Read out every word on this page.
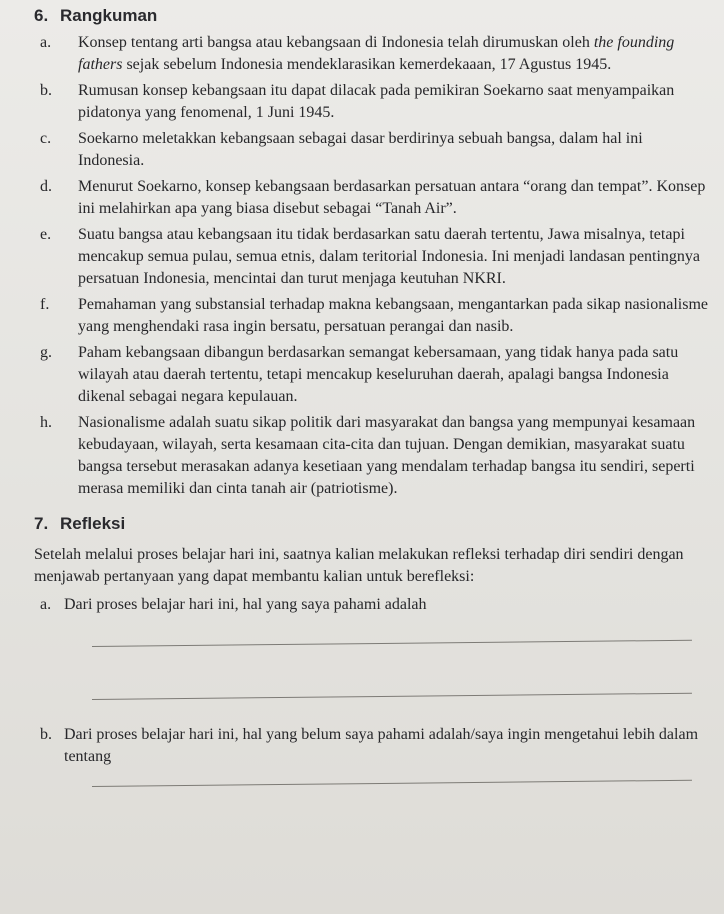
6. Rangkuman
a. Konsep tentang arti bangsa atau kebangsaan di Indonesia telah dirumuskan oleh the founding fathers sejak sebelum Indonesia mendeklarasikan kemerdekaaan, 17 Agustus 1945.
b. Rumusan konsep kebangsaan itu dapat dilacak pada pemikiran Soekarno saat menyampaikan pidatonya yang fenomenal, 1 Juni 1945.
c. Soekarno meletakkan kebangsaan sebagai dasar berdirinya sebuah bangsa, dalam hal ini Indonesia.
d. Menurut Soekarno, konsep kebangsaan berdasarkan persatuan antara “orang dan tempat”. Konsep ini melahirkan apa yang biasa disebut sebagai “Tanah Air”.
e. Suatu bangsa atau kebangsaan itu tidak berdasarkan satu daerah tertentu, Jawa misalnya, tetapi mencakup semua pulau, semua etnis, dalam teritorial Indonesia. Ini menjadi landasan pentingnya persatuan Indonesia, mencintai dan turut menjaga keutuhan NKRI.
f. Pemahaman yang substansial terhadap makna kebangsaan, mengantarkan pada sikap nasionalisme yang menghendaki rasa ingin bersatu, persatuan perangai dan nasib.
g. Paham kebangsaan dibangun berdasarkan semangat kebersamaan, yang tidak hanya pada satu wilayah atau daerah tertentu, tetapi mencakup keseluruhan daerah, apalagi bangsa Indonesia dikenal sebagai negara kepulauan.
h. Nasionalisme adalah suatu sikap politik dari masyarakat dan bangsa yang mempunyai kesamaan kebudayaan, wilayah, serta kesamaan cita-cita dan tujuan. Dengan demikian, masyarakat suatu bangsa tersebut merasakan adanya kesetiaan yang mendalam terhadap bangsa itu sendiri, seperti merasa memiliki dan cinta tanah air (patriotisme).
7. Refleksi
Setelah melalui proses belajar hari ini, saatnya kalian melakukan refleksi terhadap diri sendiri dengan menjawab pertanyaan yang dapat membantu kalian untuk berefleksi:
a. Dari proses belajar hari ini, hal yang saya pahami adalah
b. Dari proses belajar hari ini, hal yang belum saya pahami adalah/saya ingin mengetahui lebih dalam tentang
